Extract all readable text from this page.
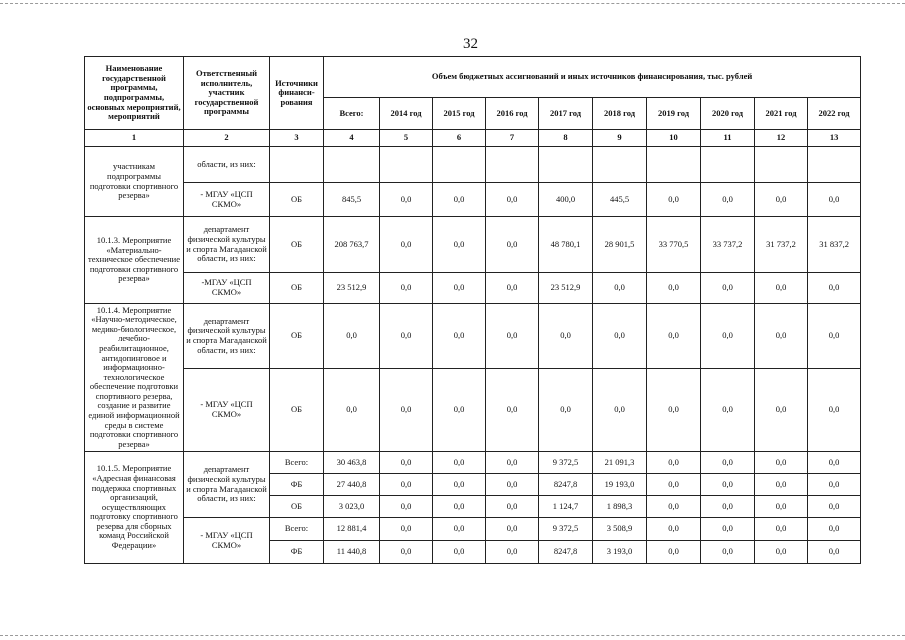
32
Наименование государственной программы, подпрограммы, основных мероприятий, мероприятий	Ответственный исполнитель, участник государственной программы	Источники финанси-рования	Объем бюджетных ассигнований и иных источников финансирования, тыс. рублей									
			Всего:	2014 год	2015 год	2016 год	2017 год	2018 год	2019 год	2020 год	2021 год	2022 год
1	2	3	4	5	6	7	8	9	10	11	12	13
участникам подпрограммы подготовки спортивного резерва»	области, из них:											
	- МГАУ «ЦСП СКМО»	ОБ	845,5	0,0	0,0	0,0	400,0	445,5	0,0	0,0	0,0	0,0
10.1.3. Мероприятие «Материально-техническое обеспечение подготовки спортивного резерва»	департамент физической культуры и спорта Магаданской области, из них:	ОБ	208 763,7	0,0	0,0	0,0	48 780,1	28 901,5	33 770,5	33 737,2	31 737,2	31 837,2
	-МГАУ «ЦСП СКМО»	ОБ	23 512,9	0,0	0,0	0,0	23 512,9	0,0	0,0	0,0	0,0	0,0
10.1.4. Мероприятие «Научно-методическое, медико-биологическое, лечебно-реабилитационное, антидопинговое и информационно-технологическое обеспечение подготовки спортивного резерва, создание и развитие единой информационной среды в системе подготовки спортивного резерва»	департамент физической культуры и спорта Магаданской области, из них:	ОБ	0,0	0,0	0,0	0,0	0,0	0,0	0,0	0,0	0,0	0,0
	- МГАУ «ЦСП СКМО»	ОБ	0,0	0,0	0,0	0,0	0,0	0,0	0,0	0,0	0,0	0,0
10.1.5. Мероприятие «Адресная финансовая поддержка спортивных организаций, осуществляющих подготовку спортивного резерва для сборных команд Российской Федерации»	департамент физической культуры и спорта Магаданской области, из них:	Всего:	30 463,8	0,0	0,0	0,0	9 372,5	21 091,3	0,0	0,0	0,0	0,0
		ФБ	27 440,8	0,0	0,0	0,0	8247,8	19 193,0	0,0	0,0	0,0	0,0
		ОБ	3 023,0	0,0	0,0	0,0	1 124,7	1 898,3	0,0	0,0	0,0	0,0
	- МГАУ «ЦСП СКМО»	Всего:	12 881,4	0,0	0,0	0,0	9 372,5	3 508,9	0,0	0,0	0,0	0,0
		ФБ	11 440,8	0,0	0,0	0,0	8247,8	3 193,0	0,0	0,0	0,0	0,0
